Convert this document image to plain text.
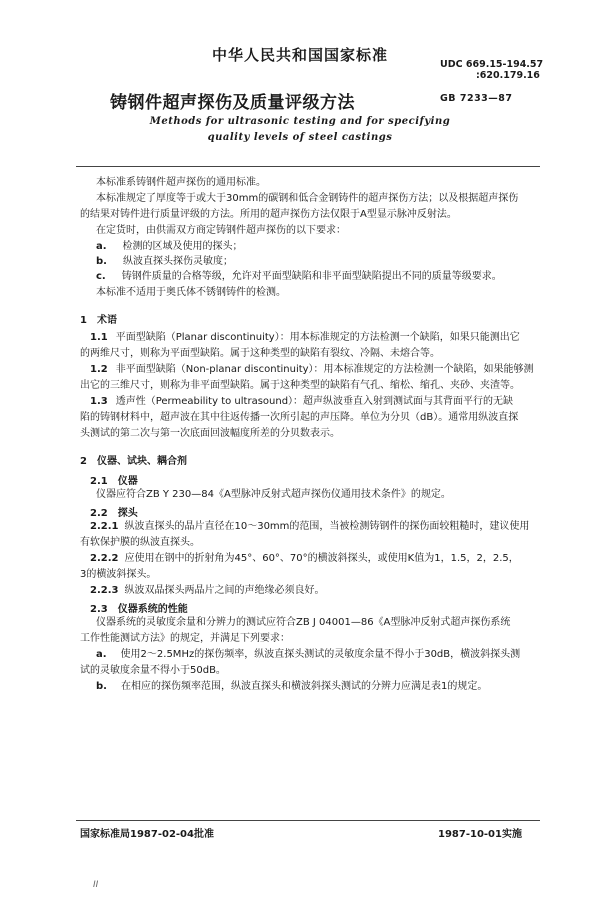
中华人民共和国国家标准
UDC 669.15-194.57
:620.179.16
铸钢件超声探伤及质量评级方法	GB 7233—87
Methods for ultrasonic testing and for specifying
quality levels of steel castings
本标准系铸钢件超声探伤的通用标准。
本标准规定了厚度等于或大于30mm的碳钢和低合金钢铸件的超声探伤方法；以及根据超声探伤
的结果对铸件进行质量评级的方法。所用的超声探伤方法仅限于A型显示脉冲反射法。
在定货时，由供需双方商定铸钢件超声探伤的以下要求：
a. 检测的区域及使用的探头；
b. 纵波直探头探伤灵敏度；
c. 铸钢件质量的合格等级，允许对平面型缺陷和非平面型缺陷提出不同的质量等级要求。
本标准不适用于奥氏体不锈钢铸件的检测。
1　术语
1.1 平面型缺陷（Planar discontinuity）：用本标准规定的方法检测一个缺陷，如果只能测出它
的两维尺寸，则称为平面型缺陷。属于这种类型的缺陷有裂纹、冷隔、未熔合等。
1.2 非平面型缺陷（Non-planar discontinuity）：用本标准规定的方法检测一个缺陷，如果能够测
出它的三维尺寸，则称为非平面型缺陷。属于这种类型的缺陷有气孔、缩松、缩孔、夹砂、夹渣等。
1.3 透声性（Permeability to ultrasound）：超声纵波垂直入射到测试面与其背面平行的无缺
陷的铸钢材料中，超声波在其中往返传播一次所引起的声压降。单位为分贝（dB）。通常用纵波直探
头测试的第二次与第一次底面回波幅度所差的分贝数表示。
2　仪器、试块、耦合剂
2.1　仪器
仪器应符合ZB Y 230—84《A型脉冲反射式超声探伤仪通用技术条件》的规定。
2.2　探头
2.2.1 纵波直探头的晶片直径在10～30mm的范围，当被检测铸钢件的探伤面较粗糙时，建议使用
有软保护膜的纵波直探头。
2.2.2 应使用在钢中的折射角为45°、60°、70°的横波斜探头，或使用K值为1，1.5，2，2.5，
3的横波斜探头。
2.2.3 纵波双晶探头两晶片之间的声绝缘必须良好。
2.3　仪器系统的性能
仪器系统的灵敏度余量和分辨力的测试应符合ZB J 04001—86《A型脉冲反射式超声探伤系统
工作性能测试方法》的规定，并满足下列要求：
a. 使用2～2.5MHz的探伤频率，纵波直探头测试的灵敏度余量不得小于30dB，横波斜探头测
试的灵敏度余量不得小于50dB。
b. 在相应的探伤频率范围，纵波直探头和横波斜探头测试的分辨力应满足表1的规定。
国家标准局1987-02-04批准	1987-10-01实施
II
